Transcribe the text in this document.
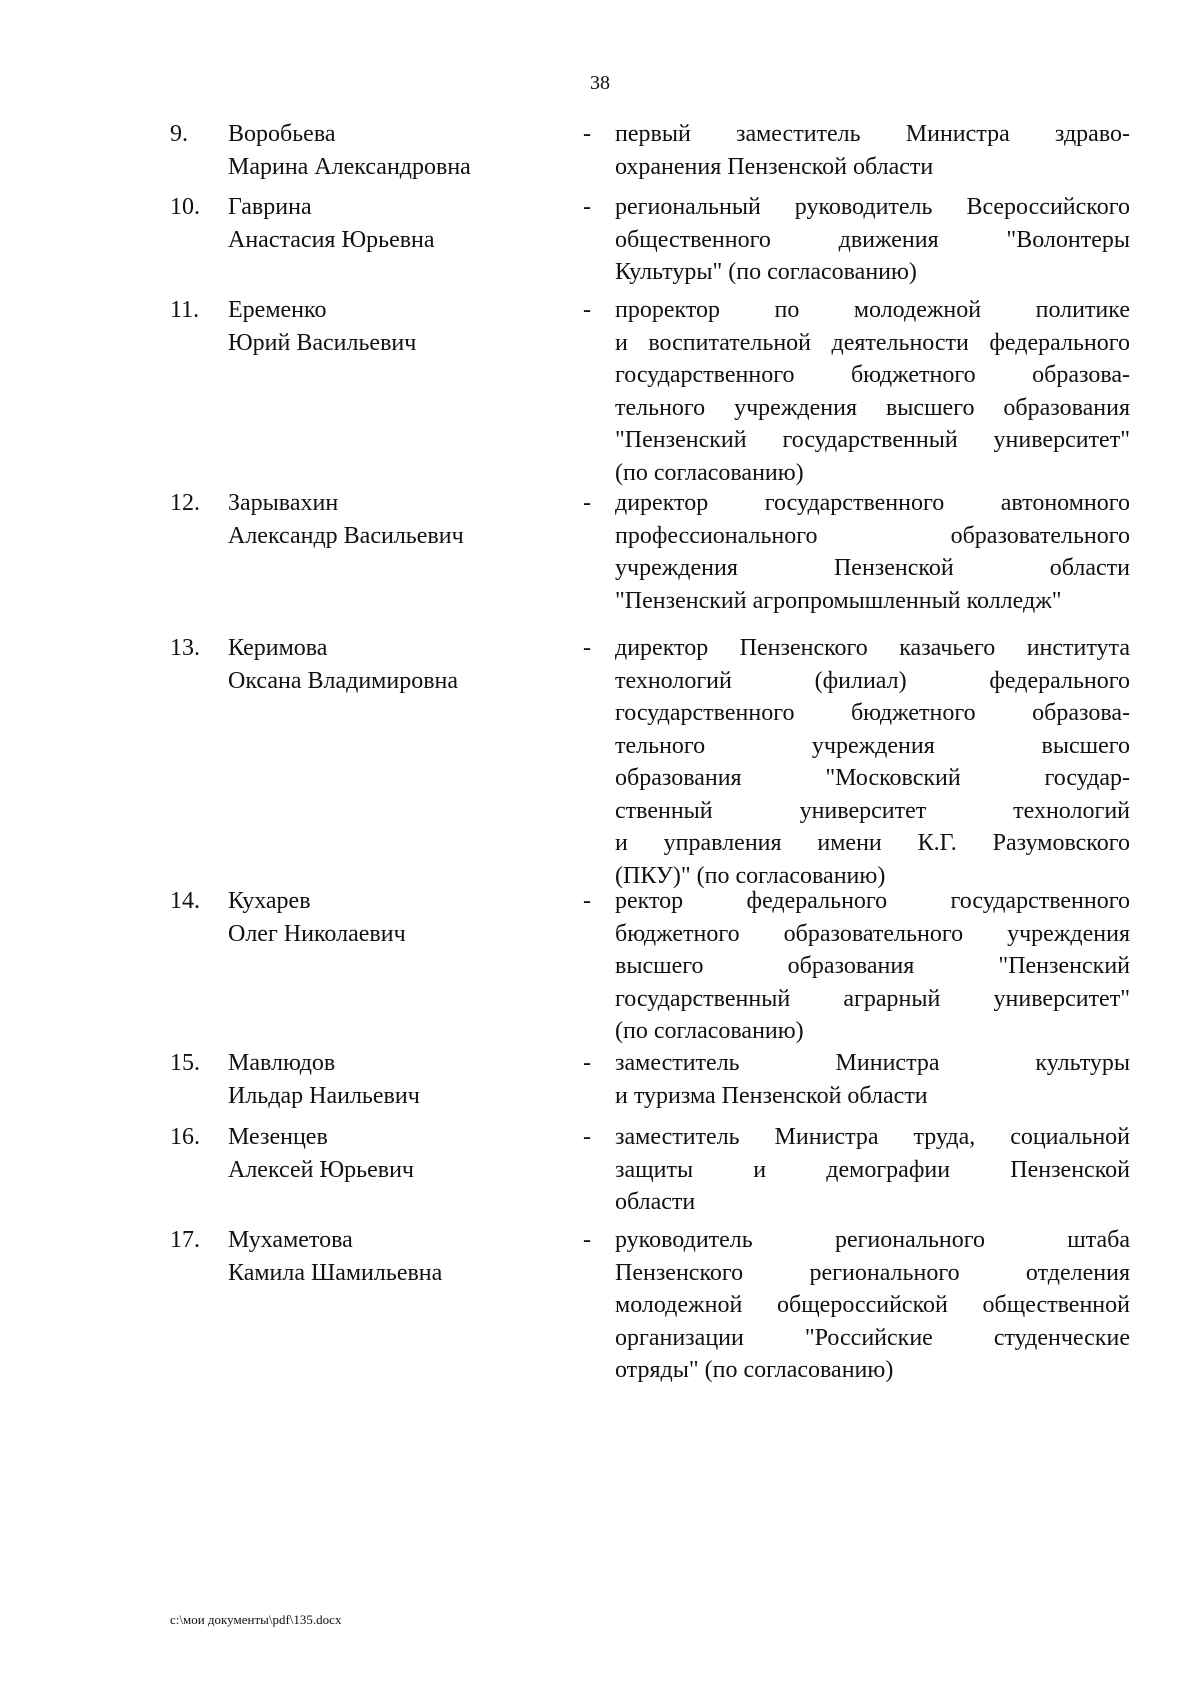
38
9.	Воробьева
Марина Александровна
- первый заместитель Министра здраво-
охранения Пензенской области
10.	Гаврина
Анастасия Юрьевна
- региональный руководитель Всероссийского
общественного движения "Волонтеры
Культуры" (по согласованию)
11.	Еременко
Юрий Васильевич
- проректор по молодежной политике
и воспитательной деятельности федерального
государственного бюджетного образова-
тельного учреждения высшего образования
"Пензенский государственный университет"
(по согласованию)
12.	Зарывахин
Александр Васильевич
- директор государственного автономного
профессионального образовательного
учреждения Пензенской области
"Пензенский агропромышленный колледж"
13.	Керимова
Оксана Владимировна
- директор Пензенского казачьего института
технологий (филиал) федерального
государственного бюджетного образова-
тельного учреждения высшего
образования "Московский государ-
ственный университет технологий
и управления имени К.Г. Разумовского
(ПКУ)" (по согласованию)
14.	Кухарев
Олег Николаевич
- ректор федерального государственного
бюджетного образовательного учреждения
высшего образования "Пензенский
государственный аграрный университет"
(по согласованию)
15.	Мавлюдов
Ильдар Наильевич
- заместитель Министра культуры
и туризма Пензенской области
16.	Мезенцев
Алексей Юрьевич
- заместитель Министра труда, социальной
защиты и демографии Пензенской
области
17.	Мухаметова
Камила Шамильевна
- руководитель регионального штаба
Пензенского регионального отделения
молодежной общероссийской общественной
организации "Российские студенческие
отряды" (по согласованию)
c:\мои документы\pdf\135.docx
